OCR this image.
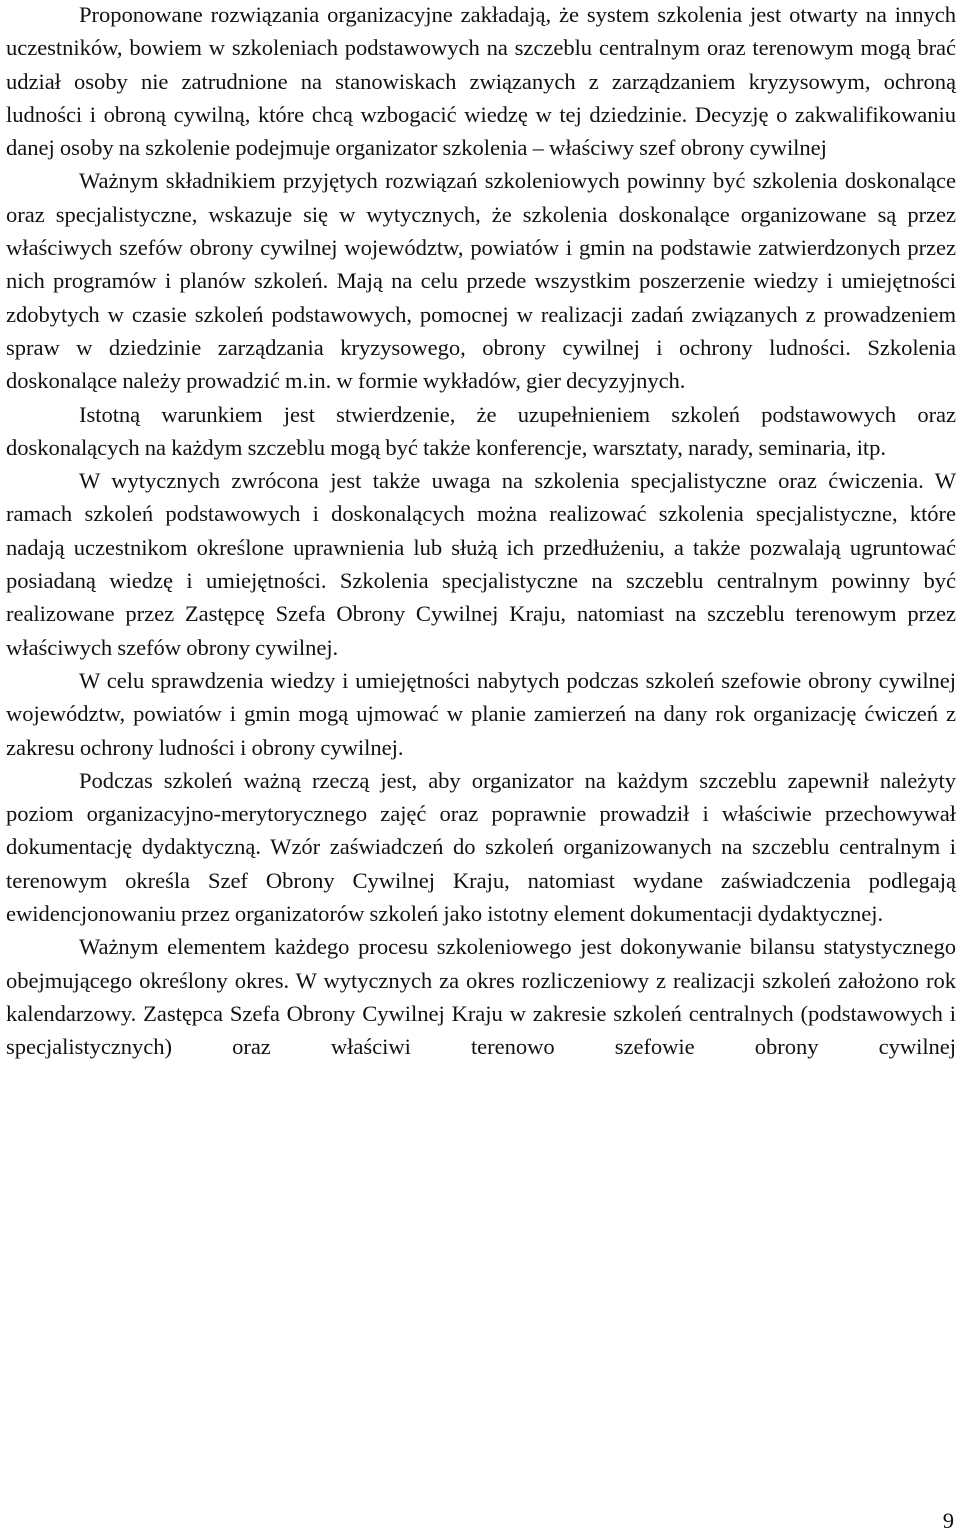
Proponowane rozwiązania organizacyjne zakładają, że system szkolenia jest otwarty na innych uczestników, bowiem w szkoleniach podstawowych na szczeblu centralnym oraz terenowym mogą brać udział osoby nie zatrudnione na stanowiskach związanych z zarządzaniem kryzysowym, ochroną ludności i obroną cywilną, które chcą wzbogacić wiedzę w tej dziedzinie. Decyzję o zakwalifikowaniu danej osoby na szkolenie podejmuje organizator szkolenia – właściwy szef obrony cywilnej

Ważnym składnikiem przyjętych rozwiązań szkoleniowych powinny być szkolenia doskonalące oraz specjalistyczne, wskazuje się w wytycznych, że szkolenia doskonalące organizowane są przez właściwych szefów obrony cywilnej województw, powiatów i gmin na podstawie zatwierdzonych przez nich programów i planów szkoleń. Mają na celu przede wszystkim poszerzenie wiedzy i umiejętności zdobytych w czasie szkoleń podstawowych, pomocnej w realizacji zadań związanych z prowadzeniem spraw w dziedzinie zarządzania kryzysowego, obrony cywilnej i ochrony ludności. Szkolenia doskonalące należy prowadzić m.in. w formie wykładów, gier decyzyjnych.

Istotną warunkiem jest stwierdzenie, że uzupełnieniem szkoleń podstawowych oraz doskonalących na każdym szczeblu mogą być także konferencje, warsztaty, narady, seminaria, itp.

W wytycznych zwrócona jest także uwaga na szkolenia specjalistyczne oraz ćwiczenia. W ramach szkoleń podstawowych i doskonalących można realizować szkolenia specjalistyczne, które nadają uczestnikom określone uprawnienia lub służą ich przedłużeniu, a także pozwalają ugruntować posiadaną wiedzę i umiejętności. Szkolenia specjalistyczne na szczeblu centralnym powinny być realizowane przez Zastępcę Szefa Obrony Cywilnej Kraju, natomiast na szczeblu terenowym przez właściwych szefów obrony cywilnej.

W celu sprawdzenia wiedzy i umiejętności nabytych podczas szkoleń szefowie obrony cywilnej województw, powiatów i gmin mogą ujmować w planie zamierzeń na dany rok organizację ćwiczeń z zakresu ochrony ludności i obrony cywilnej.

Podczas szkoleń ważną rzeczą jest, aby organizator na każdym szczeblu zapewnił należyty poziom organizacyjno-merytorycznego zajęć oraz poprawnie prowadził i właściwie przechowywał dokumentację dydaktyczną. Wzór zaświadczeń do szkoleń organizowanych na szczeblu centralnym i terenowym określa Szef Obrony Cywilnej Kraju, natomiast wydane zaświadczenia podlegają ewidencjonowaniu przez organizatorów szkoleń jako istotny element dokumentacji dydaktycznej.

Ważnym elementem każdego procesu szkoleniowego jest dokonywanie bilansu statystycznego obejmującego określony okres. W wytycznych za okres rozliczeniowy z realizacji szkoleń założono rok kalendarzowy. Zastępca Szefa Obrony Cywilnej Kraju w zakresie szkoleń centralnych (podstawowych i specjalistycznych) oraz właściwi terenowo szefowie obrony cywilnej

9
